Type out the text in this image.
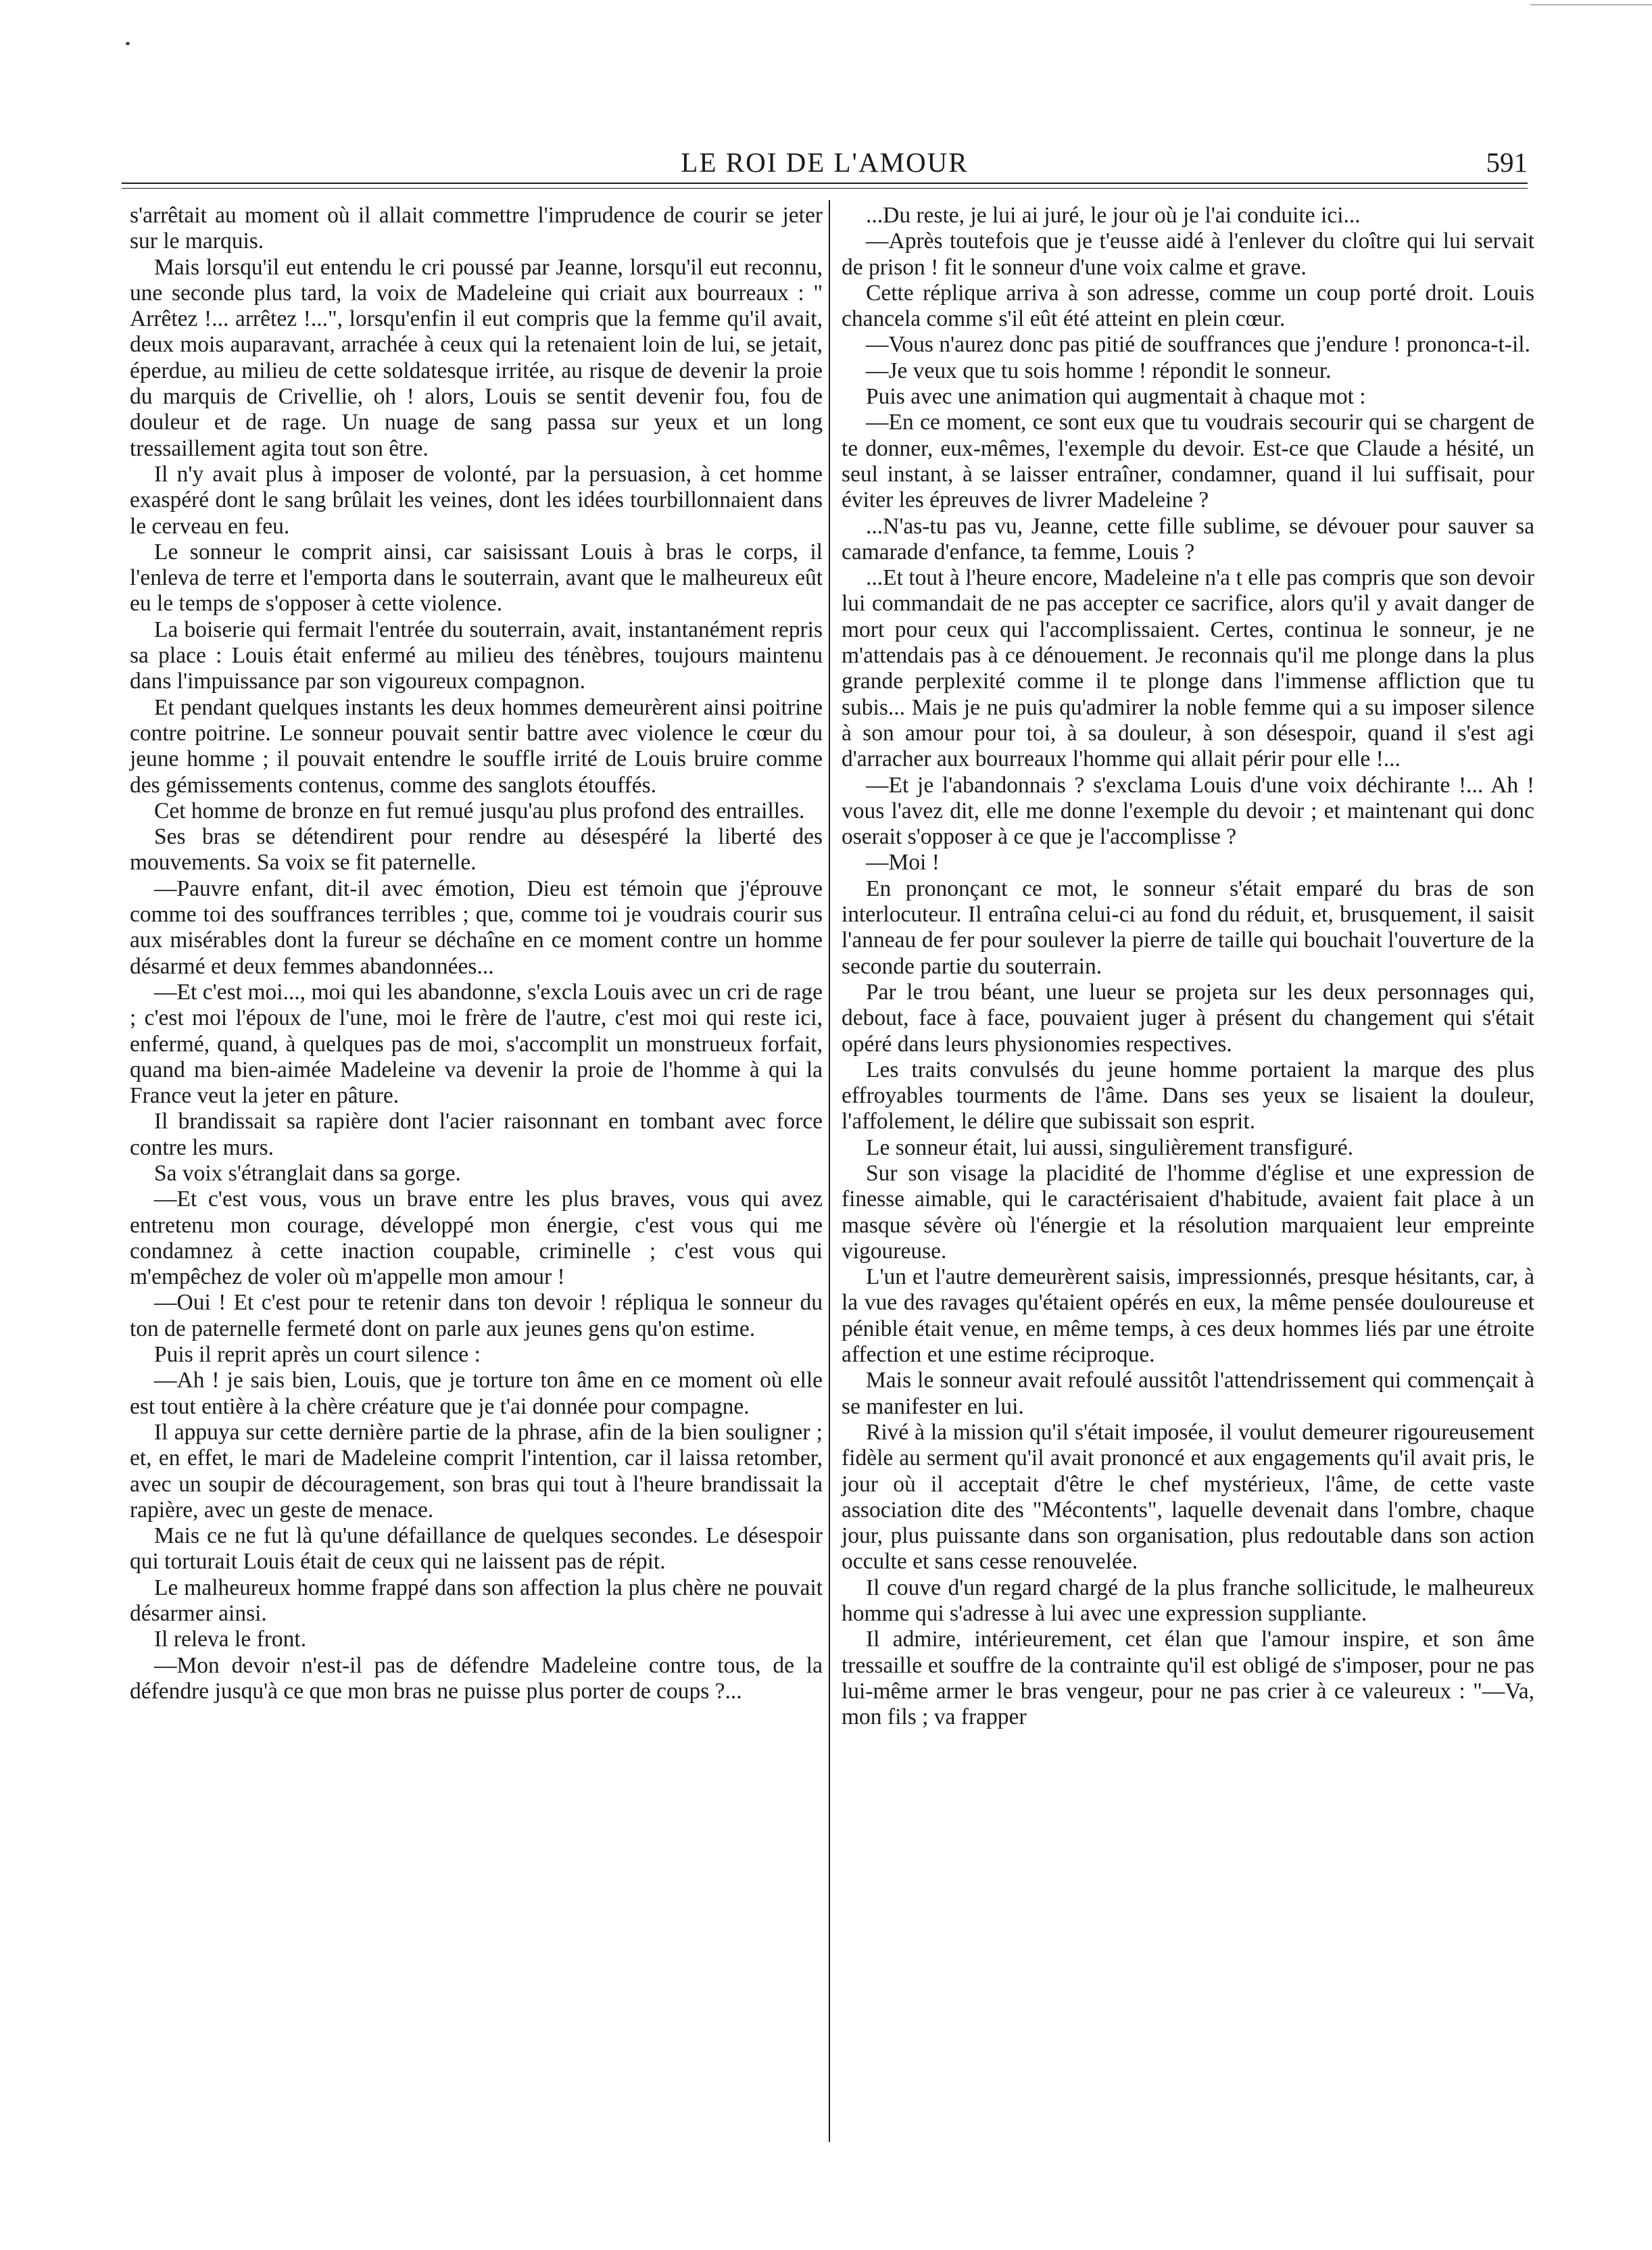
LE ROI DE L'AMOUR	591

s'arrêtait au moment où il allait commettre l'imprudence de courir se jeter sur le marquis.

Mais lorsqu'il eut entendu le cri poussé par Jeanne, lorsqu'il eut reconnu, une seconde plus tard, la voix de Madeleine qui criait aux bourreaux : " Arrêtez !... arrêtez !...", lorsqu'enfin il eut compris que la femme qu'il avait, deux mois auparavant, arrachée à ceux qui la retenaient loin de lui, se jetait, éperdue, au milieu de cette soldatesque irritée, au risque de devenir la proie du marquis de Crivellie, oh ! alors, Louis se sentit devenir fou, fou de douleur et de rage. Un nuage de sang passa sur yeux et un long tressaillement agita tout son être.

Il n'y avait plus à imposer de volonté, par la persuasion, à cet homme exaspéré dont le sang brûlait les veines, dont les idées tourbillonnaient dans le cerveau en feu.

Le sonneur le comprit ainsi, car saisissant Louis à bras le corps, il l'enleva de terre et l'emporta dans le souterrain, avant que le malheureux eût eu le temps de s'opposer à cette violence.

La boiserie qui fermait l'entrée du souterrain, avait, instantanément repris sa place : Louis était enfermé au milieu des ténèbres, toujours maintenu dans l'impuissance par son vigoureux compagnon.

Et pendant quelques instants les deux hommes demeurèrent ainsi poitrine contre poitrine. Le sonneur pouvait sentir battre avec violence le cœur du jeune homme ; il pouvait entendre le souffle irrité de Louis bruire comme des gémissements contenus, comme des sanglots étouffés.

Cet homme de bronze en fut remué jusqu'au plus profond des entrailles.

Ses bras se détendirent pour rendre au désespéré la liberté des mouvements. Sa voix se fit paternelle.

—Pauvre enfant, dit-il avec émotion, Dieu est témoin que j'éprouve comme toi des souffrances terribles ; que, comme toi je voudrais courir sus aux misérables dont la fureur se déchaîne en ce moment contre un homme désarmé et deux femmes abandonnées...

—Et c'est moi..., moi qui les abandonne, s'excla Louis avec un cri de rage ; c'est moi l'époux de l'une, moi le frère de l'autre, c'est moi qui reste ici, enfermé, quand, à quelques pas de moi, s'accomplit un monstrueux forfait, quand ma bien-aimée Madeleine va devenir la proie de l'homme à qui la France veut la jeter en pâture.

Il brandissait sa rapière dont l'acier raisonnant en tombant avec force contre les murs.

Sa voix s'étranglait dans sa gorge.

—Et c'est vous, vous un brave entre les plus braves, vous qui avez entretenu mon courage, développé mon énergie, c'est vous qui me condamnez à cette inaction coupable, criminelle ; c'est vous qui m'empêchez de voler où m'appelle mon amour !

—Oui ! Et c'est pour te retenir dans ton devoir ! répliqua le sonneur du ton de paternelle fermeté dont on parle aux jeunes gens qu'on estime.

Puis il reprit après un court silence :

—Ah ! je sais bien, Louis, que je torture ton âme en ce moment où elle est tout entière à la chère créature que je t'ai donnée pour compagne.

Il appuya sur cette dernière partie de la phrase, afin de la bien souligner ; et, en effet, le mari de Madeleine comprit l'intention, car il laissa retomber, avec un soupir de découragement, son bras qui tout à l'heure brandissait la rapière, avec un geste de menace.

Mais ce ne fut là qu'une défaillance de quelques secondes. Le désespoir qui torturait Louis était de ceux qui ne laissent pas de répit.

Le malheureux homme frappé dans son affection la plus chère ne pouvait désarmer ainsi.

Il releva le front.

—Mon devoir n'est-il pas de défendre Madeleine contre tous, de la défendre jusqu'à ce que mon bras ne puisse plus porter de coups ?...

...Du reste, je lui ai juré, le jour où je l'ai conduite ici...

—Après toutefois que je t'eusse aidé à l'enlever du cloître qui lui servait de prison ! fit le sonneur d'une voix calme et grave.

Cette réplique arriva à son adresse, comme un coup porté droit. Louis chancela comme s'il eût été atteint en plein cœur.

—Vous n'aurez donc pas pitié de souffrances que j'endure ! prononca-t-il.

—Je veux que tu sois homme ! répondit le sonneur.

Puis avec une animation qui augmentait à chaque mot :

—En ce moment, ce sont eux que tu voudrais secourir qui se chargent de te donner, eux-mêmes, l'exemple du devoir. Est-ce que Claude a hésité, un seul instant, à se laisser entraîner, condamner, quand il lui suffisait, pour éviter les épreuves de livrer Madeleine ?

...N'as-tu pas vu, Jeanne, cette fille sublime, se dévouer pour sauver sa camarade d'enfance, ta femme, Louis ?

...Et tout à l'heure encore, Madeleine n'a t elle pas compris que son devoir lui commandait de ne pas accepter ce sacrifice, alors qu'il y avait danger de mort pour ceux qui l'accomplissaient. Certes, continua le sonneur, je ne m'attendais pas à ce dénouement. Je reconnais qu'il me plonge dans la plus grande perplexité comme il te plonge dans l'immense affliction que tu subis... Mais je ne puis qu'admirer la noble femme qui a su imposer silence à son amour pour toi, à sa douleur, à son désespoir, quand il s'est agi d'arracher aux bourreaux l'homme qui allait périr pour elle !...

—Et je l'abandonnais ? s'exclama Louis d'une voix déchirante !... Ah ! vous l'avez dit, elle me donne l'exemple du devoir ; et maintenant qui donc oserait s'opposer à ce que je l'accomplisse ?

—Moi !

En prononçant ce mot, le sonneur s'était emparé du bras de son interlocuteur. Il entraîna celui-ci au fond du réduit, et, brusquement, il saisit l'anneau de fer pour soulever la pierre de taille qui bouchait l'ouverture de la seconde partie du souterrain.

Par le trou béant, une lueur se projeta sur les deux personnages qui, debout, face à face, pouvaient juger à présent du changement qui s'était opéré dans leurs physionomies respectives.

Les traits convulsés du jeune homme portaient la marque des plus effroyables tourments de l'âme. Dans ses yeux se lisaient la douleur, l'affolement, le délire que subissait son esprit.

Le sonneur était, lui aussi, singulièrement transfiguré.

Sur son visage la placidité de l'homme d'église et une expression de finesse aimable, qui le caractérisaient d'habitude, avaient fait place à un masque sévère où l'énergie et la résolution marquaient leur empreinte vigoureuse.

L'un et l'autre demeurèrent saisis, impressionnés, presque hésitants, car, à la vue des ravages qu'étaient opérés en eux, la même pensée douloureuse et pénible était venue, en même temps, à ces deux hommes liés par une étroite affection et une estime réciproque.

Mais le sonneur avait refoulé aussitôt l'attendrissement qui commençait à se manifester en lui.

Rivé à la mission qu'il s'était imposée, il voulut demeurer rigoureusement fidèle au serment qu'il avait prononcé et aux engagements qu'il avait pris, le jour où il acceptait d'être le chef mystérieux, l'âme, de cette vaste association dite des "Mécontents", laquelle devenait dans l'ombre, chaque jour, plus puissante dans son organisation, plus redoutable dans son action occulte et sans cesse renouvelée.

Il couve d'un regard chargé de la plus franche sollicitude, le malheureux homme qui s'adresse à lui avec une expression suppliante.

Il admire, intérieurement, cet élan que l'amour inspire, et son âme tressaille et souffre de la contrainte qu'il est obligé de s'imposer, pour ne pas lui-même armer le bras vengeur, pour ne pas crier à ce valeureux : "—Va, mon fils ; va frapper
